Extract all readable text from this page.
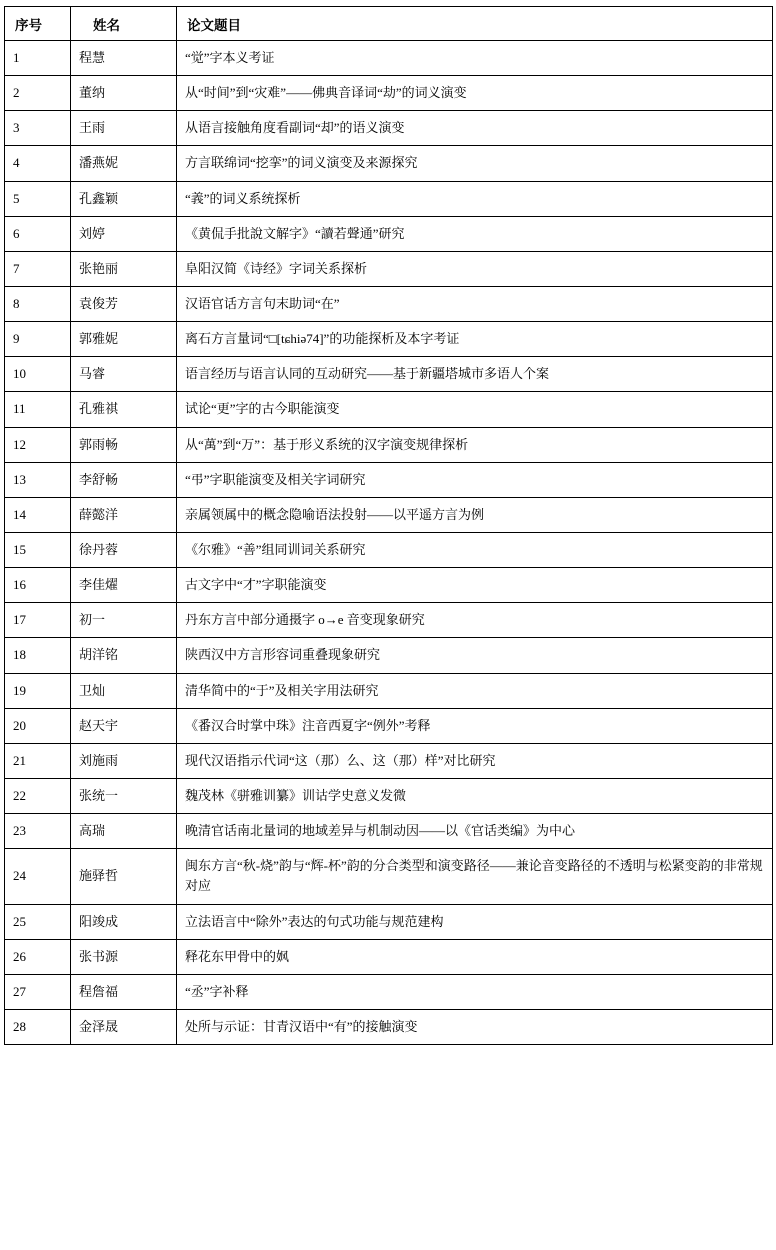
序号	姓名	论文题目
1	程慧	“觉”字本义考证
2	董纳	从“时间”到“灾难”——佛典音译词“劫”的词义演变
3	王雨	从语言接触角度看副词“却”的语义演变
4	潘燕妮	方言联绵词“挖挛”的词义演变及来源探究
5	孔鑫颖	“義”的词义系统探析
6	刘婷	《黄侃手批說文解字》“讀若聲通”研究
7	张艳丽	阜阳汉简《诗经》字词关系探析
8	袁俊芳	汉语官话方言句末助词“在”
9	郭雅妮	离石方言量词“□[tɕhiə74]”的功能探析及本字考证
10	马睿	语言经历与语言认同的互动研究——基于新疆塔城市多语人个案
11	孔雅祺	试论“更”字的古今职能演变
12	郭雨畅	从“萬”到“万”：基于形义系统的汉字演变规律探析
13	李舒畅	“弔”字职能演变及相关字词研究
14	薛懿洋	亲属领属中的概念隐喻语法投射——以平遥方言为例
15	徐丹蓉	《尔雅》“善”组同训词关系研究
16	李佳燿	古文字中“才”字职能演变
17	初一	丹东方言中部分通摄字 o→e 音变现象研究
18	胡洋铭	陕西汉中方言形容词重叠现象研究
19	卫灿	清华简中的“于”及相关字用法研究
20	赵天宇	《番汉合时掌中珠》注音西夏字“例外”考释
21	刘施雨	现代汉语指示代词“这（那）么、这（那）样”对比研究
22	张统一	魏茂林《骈雅训纂》训诂学史意义发微
23	高瑞	晚清官话南北量词的地域差异与机制动因——以《官话类编》为中心
24	施驿哲	闽东方言“秋-烧”韵与“辉-杯”韵的分合类型和演变路径——兼论音变路径的不透明与松紧变韵的非常规对应
25	阳竣成	立法语言中“除外”表达的句式功能与规范建构
26	张书源	释花东甲骨中的㚯
27	程詹福	“丞”字补释
28	金泽晟	处所与示证：甘青汉语中“有”的接触演变
